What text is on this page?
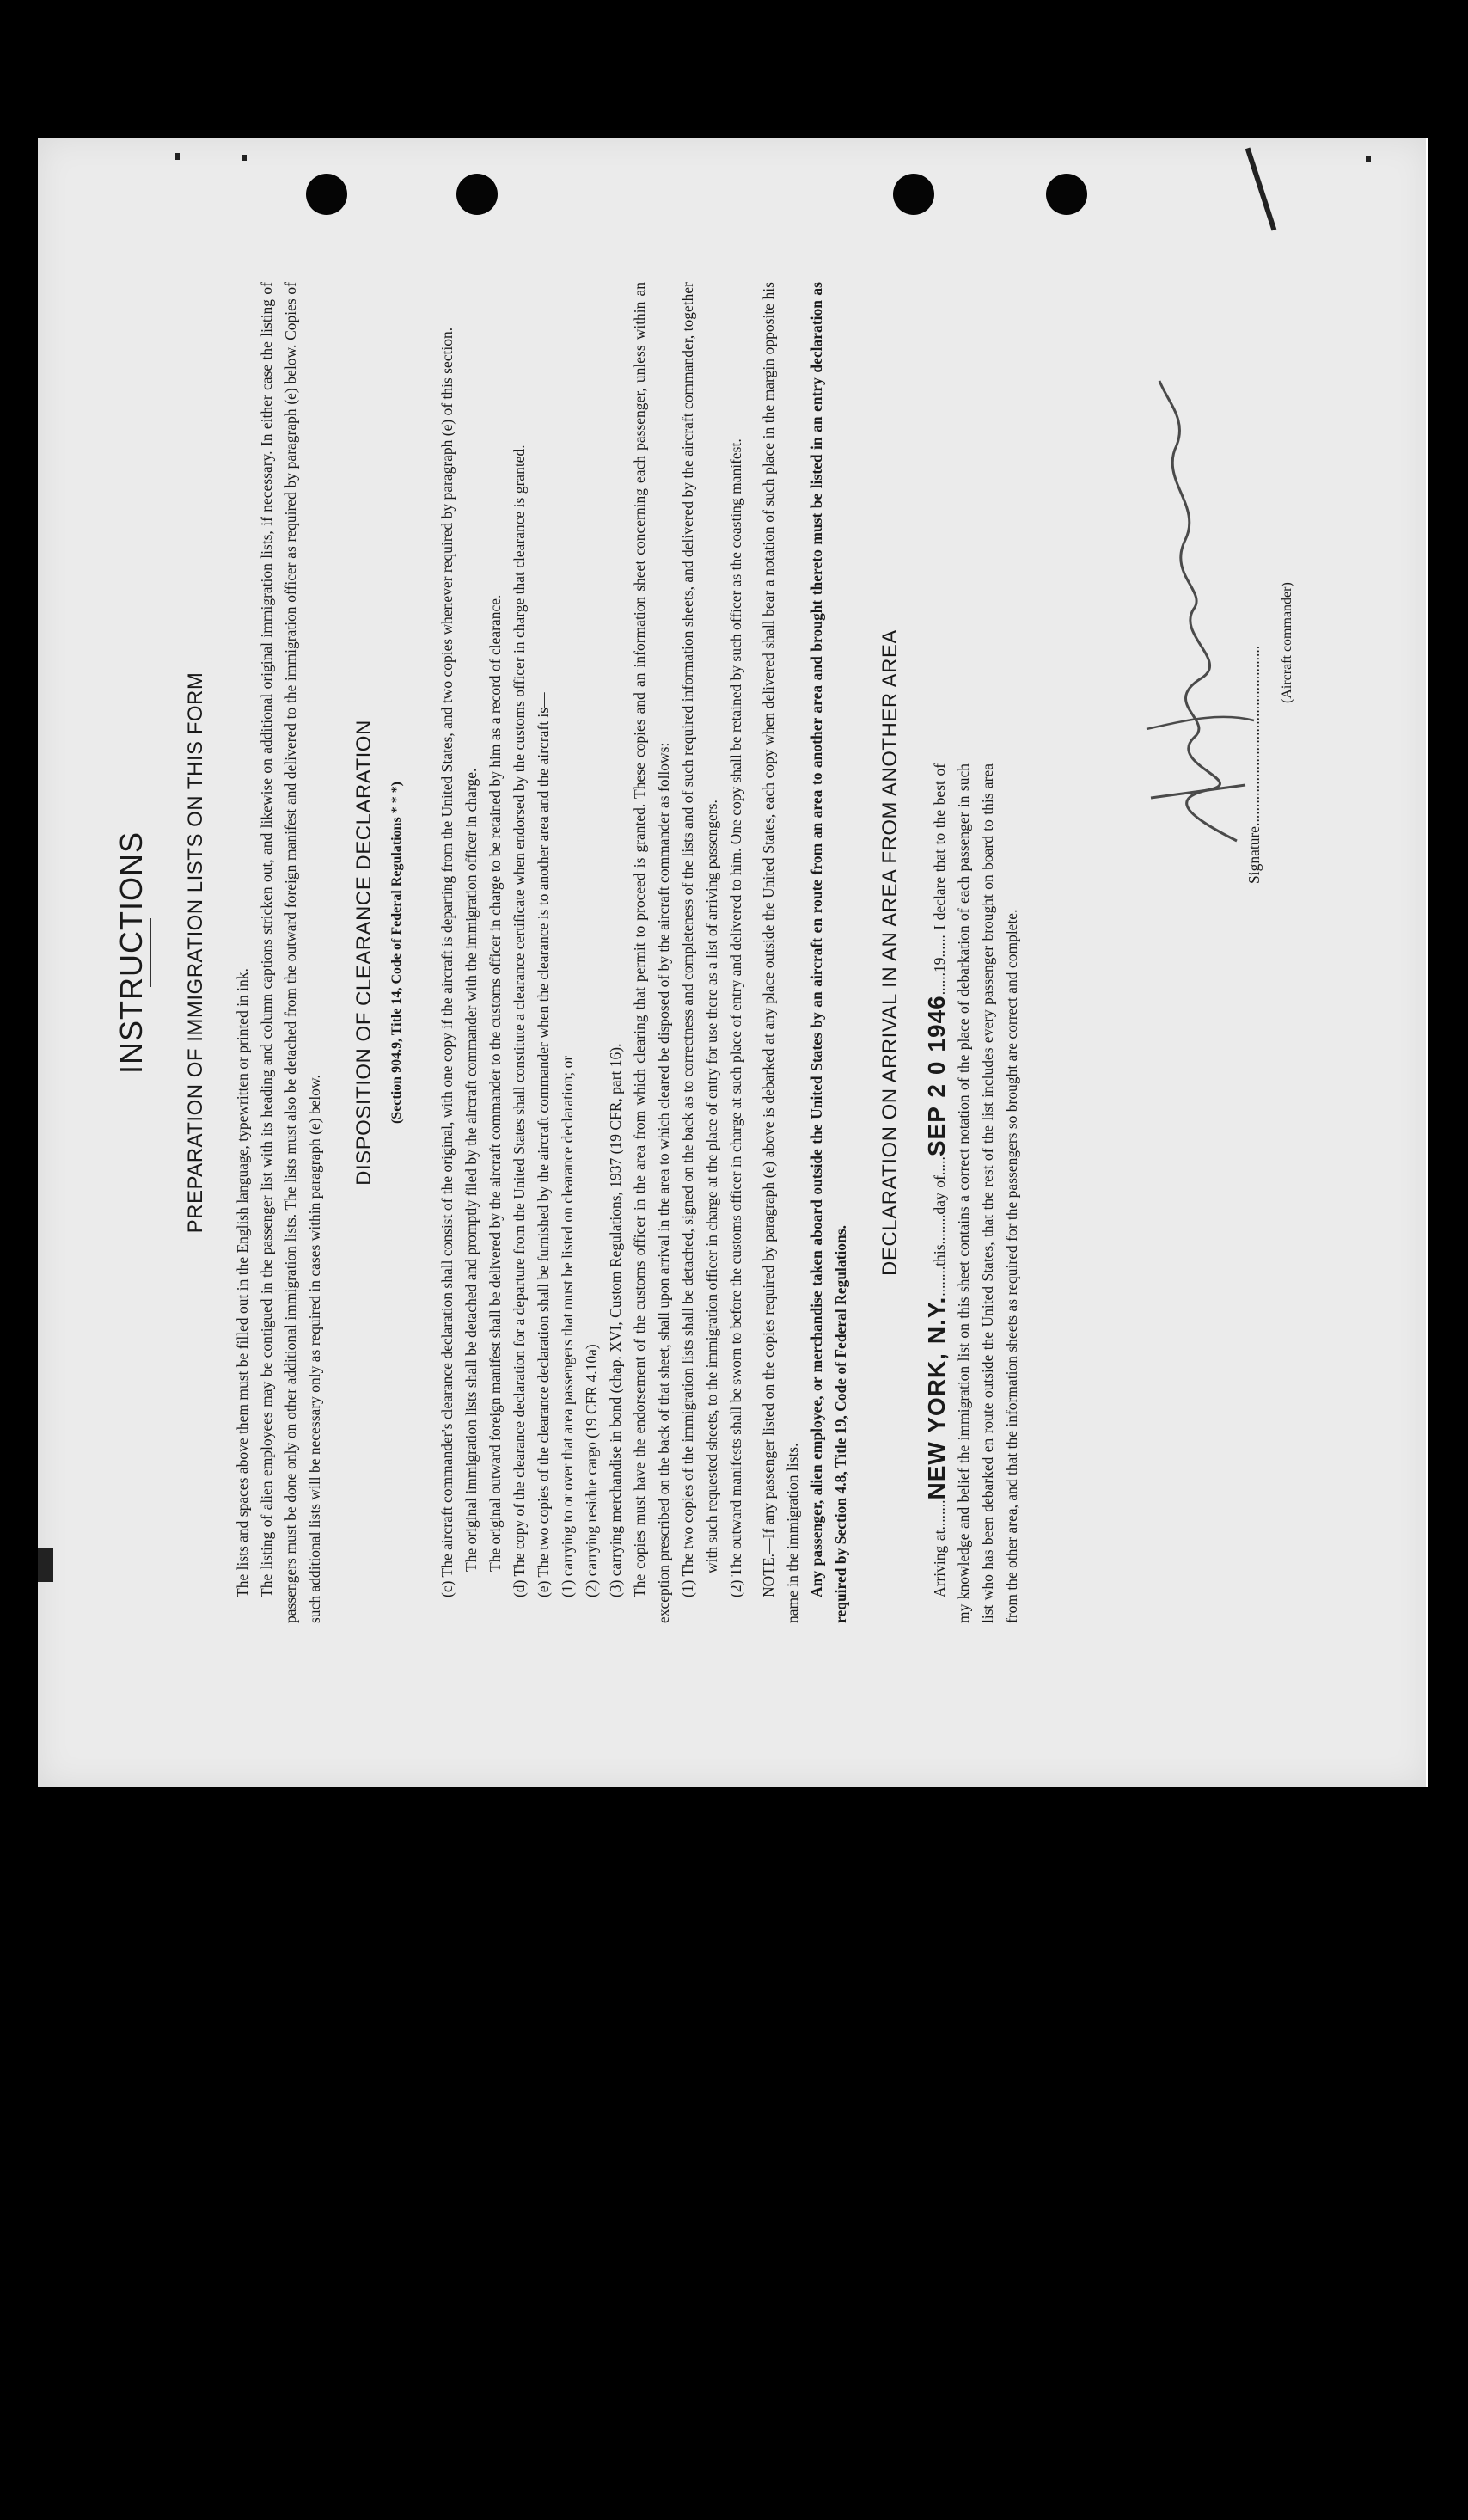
INSTRUCTIONS PREPARATION OF IMMIGRATION LISTS ON THIS FORM

The lists and spaces above them must be filled out in the English language, typewritten or printed in ink. The listing of alien employees may be contigued in the passenger list with its heading and column captions stricken out, and likewise on additional original immigration lists, if necessary. In either case the listing of passengers must be done only on other additional immigration lists. The lists must also be detached from the outward foreign manifest and delivered to the immigration officer as required by paragraph (e) below. Copies of such additional lists will be necessary only as required in cases within paragraph (e) below.

DISPOSITION OF CLEARANCE DECLARATION	(Section 904.9, Title 14, Code of Federal Regulations * * *)

(c) The aircraft commander's clearance declaration shall consist of the original, with one copy if the aircraft is departing from the United States, and two copies whenever required by paragraph (e) of this section. The original immigration lists shall be detached and promptly filed by the aircraft commander with the immigration officer in charge. The original outward foreign manifest shall be delivered by the aircraft commander to the customs officer in charge to be retained by him as a record of clearance.

(d) The copy of the clearance declaration for a departure from the United States shall constitute a clearance certificate when endorsed by the customs officer in charge that clearance is granted.

(e) The two copies of the clearance declaration shall be furnished by the aircraft commander when the clearance is to another area and the aircraft is— (1) carrying to or over that area passengers that must be listed on clearance declaration; or (2) carrying residue cargo (19 CFR 4.10a) (3) carrying merchandise in bond (chap. XVI, Custom Regulations, 1937 (19 CFR, part 16). The copies must have the endorsement of the customs officer in the area from which clearing that permit to proceed is granted. These copies and an information sheet concerning each passenger, unless within an exception prescribed on the back of that sheet, shall upon arrival in the area to which cleared be disposed of by the aircraft commander as follows: (1) The two copies of the immigration lists shall be detached, signed on the back as to correctness and completeness of the lists and of such required information sheets, and delivered by the aircraft commander, together with such requested sheets, to the immigration officer in charge at the place of entry for use there as a list of arriving passengers. (2) The outward manifests shall be sworn to before the customs officer in charge at such place of entry and delivered to him. One copy shall be retained by such officer as the coasting manifest. NOTE.—If any passenger listed on the copies required by paragraph (e) above is debarked at any place outside the United States, each copy when delivered shall bear a notation of such place in the margin opposite his name in the immigration lists. Any passenger, alien employee, or merchandise taken aboard outside the United States by an aircraft en route from an area to another area and brought thereto must be listed in an entry declaration as required by Section 4.8, Title 19, Code of Federal Regulations.

DECLARATION ON ARRIVAL IN AN AREA FROM ANOTHER AREA

Arriving at........NEW YORK, N.Y.........this........day of.....SEP 2 0 1946......19...... I declare that to the best of my knowledge and belief the immigration list on this sheet contains a correct notation of the place of debarkation of each passenger in such list who has been debarked en route outside the United States, that the rest of the list includes every passenger brought on board to this area from the other area, and that the information sheets as required for the passengers so brought are correct and complete.

Signature................................................
(Aircraft commander)
